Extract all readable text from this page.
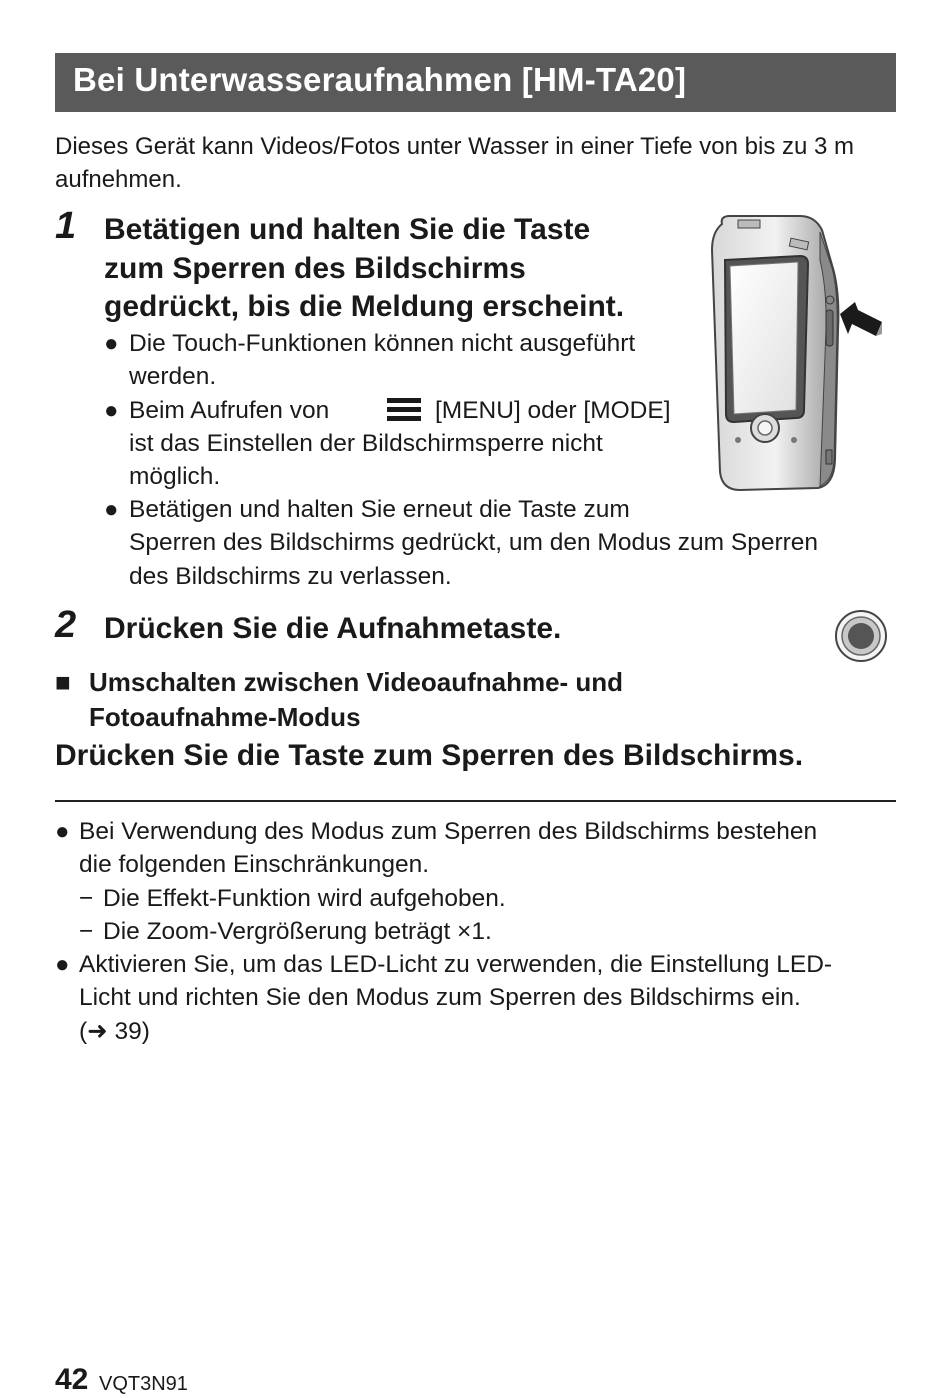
Bei Unterwasseraufnahmen [HM-TA20]
Dieses Gerät kann Videos/Fotos unter Wasser in einer Tiefe von bis zu 3 m
aufnehmen.
1 Betätigen und halten Sie die Taste
zum Sperren des Bildschirms
gedrückt, bis die Meldung erscheint.
● Die Touch-Funktionen können nicht ausgeführt
werden.
● Beim Aufrufen von	[MENU] oder [MODE]
ist das Einstellen der Bildschirmsperre nicht
möglich.
● Betätigen und halten Sie erneut die Taste zum
Sperren des Bildschirms gedrückt, um den Modus zum Sperren
des Bildschirms zu verlassen.
2 Drücken Sie die Aufnahmetaste.
■ Umschalten zwischen Videoaufnahme- und
Fotoaufnahme-Modus
Drücken Sie die Taste zum Sperren des Bildschirms.
● Bei Verwendung des Modus zum Sperren des Bildschirms bestehen
die folgenden Einschränkungen.
− Die Effekt-Funktion wird aufgehoben.
− Die Zoom-Vergrößerung beträgt ×1.
● Aktivieren Sie, um das LED-Licht zu verwenden, die Einstellung LED-
Licht und richten Sie den Modus zum Sperren des Bildschirms ein.
(➜ 39)
42 VQT3N91
